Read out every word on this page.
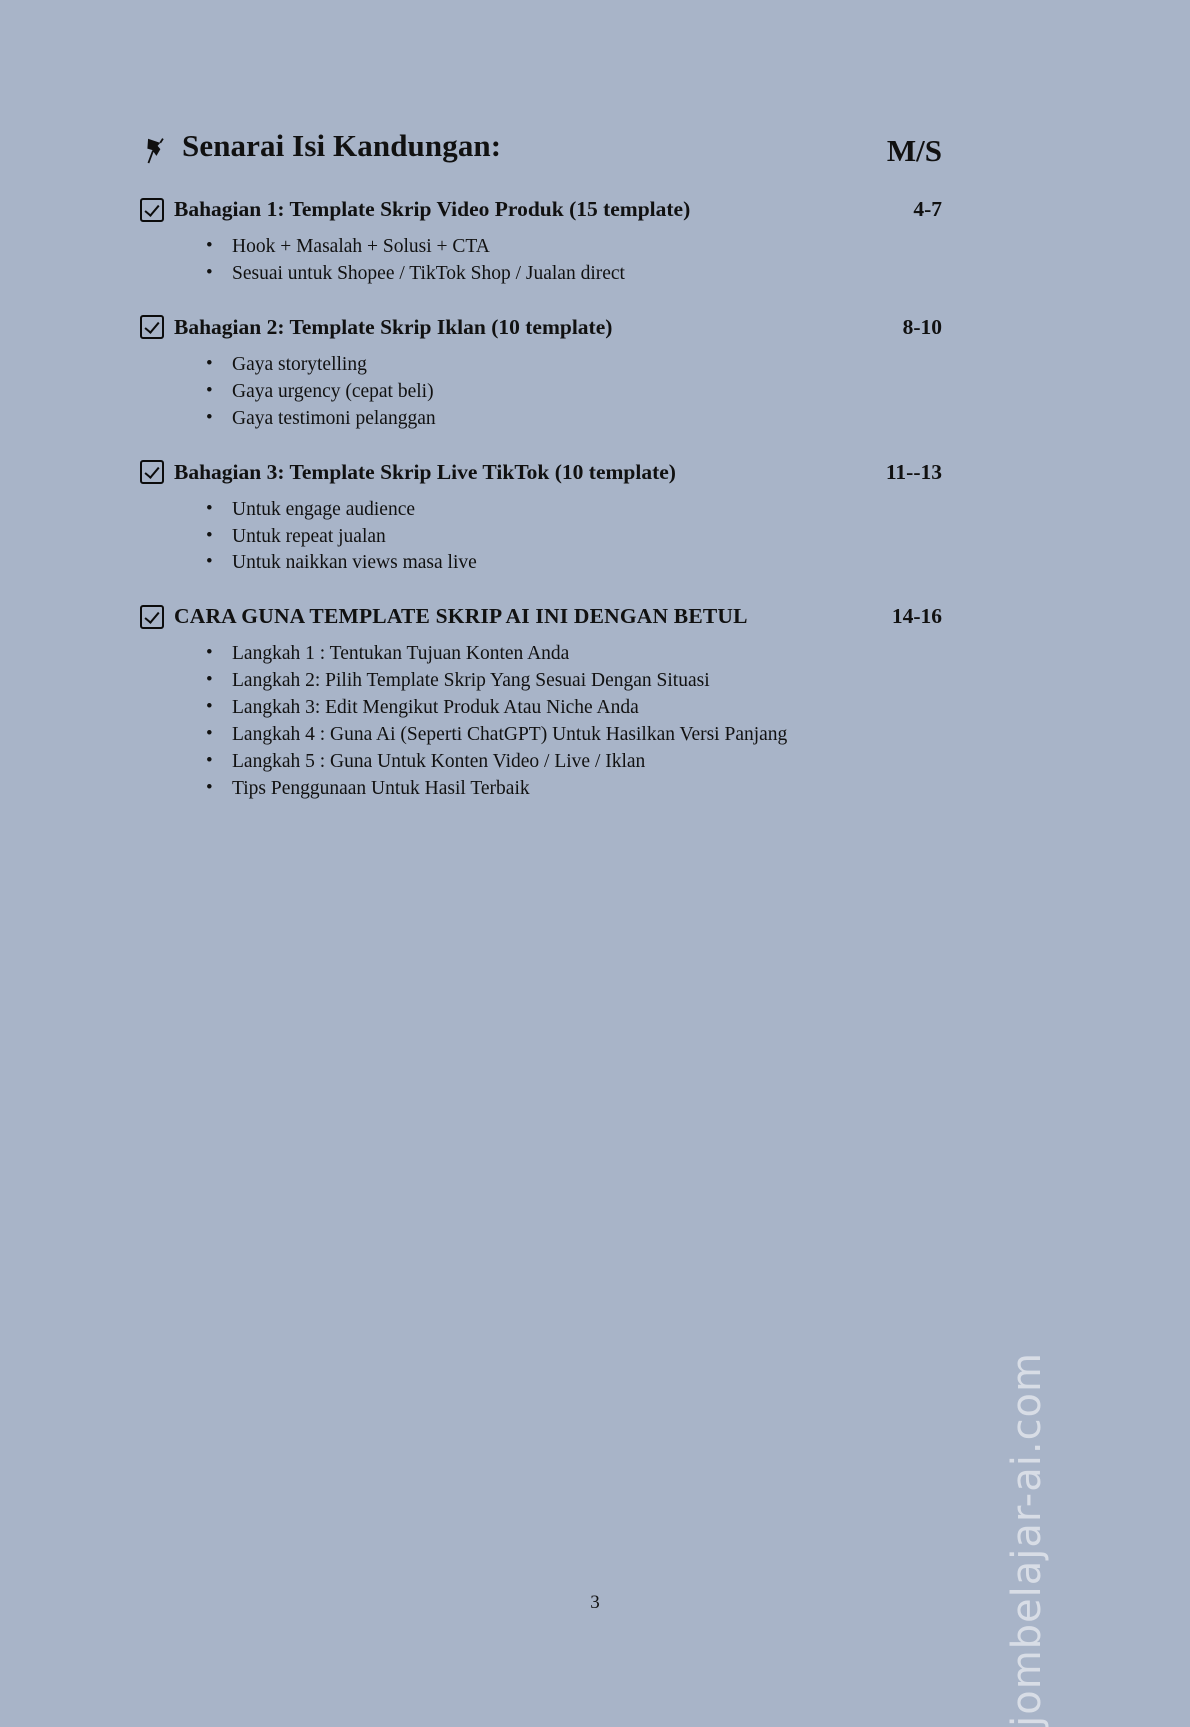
Senarai Isi Kandungan:	M/S
Bahagian 1: Template Skrip Video Produk (15 template)	4-7
• Hook + Masalah + Solusi + CTA
• Sesuai untuk Shopee / TikTok Shop / Jualan direct
Bahagian 2: Template Skrip Iklan (10 template)	8-10
• Gaya storytelling
• Gaya urgency (cepat beli)
• Gaya testimoni pelanggan
Bahagian 3: Template Skrip Live TikTok (10 template)	11--13
• Untuk engage audience
• Untuk repeat jualan
• Untuk naikkan views masa live
CARA GUNA TEMPLATE SKRIP AI INI DENGAN BETUL	14-16
• Langkah 1 : Tentukan Tujuan Konten Anda
• Langkah 2: Pilih Template Skrip Yang Sesuai Dengan Situasi
• Langkah 3: Edit Mengikut Produk Atau Niche Anda
• Langkah 4 : Guna Ai (Seperti ChatGPT) Untuk Hasilkan Versi Panjang
• Langkah 5 : Guna Untuk Konten Video / Live / Iklan
• Tips Penggunaan Untuk Hasil Terbaik
jombelajar-ai.com
3
